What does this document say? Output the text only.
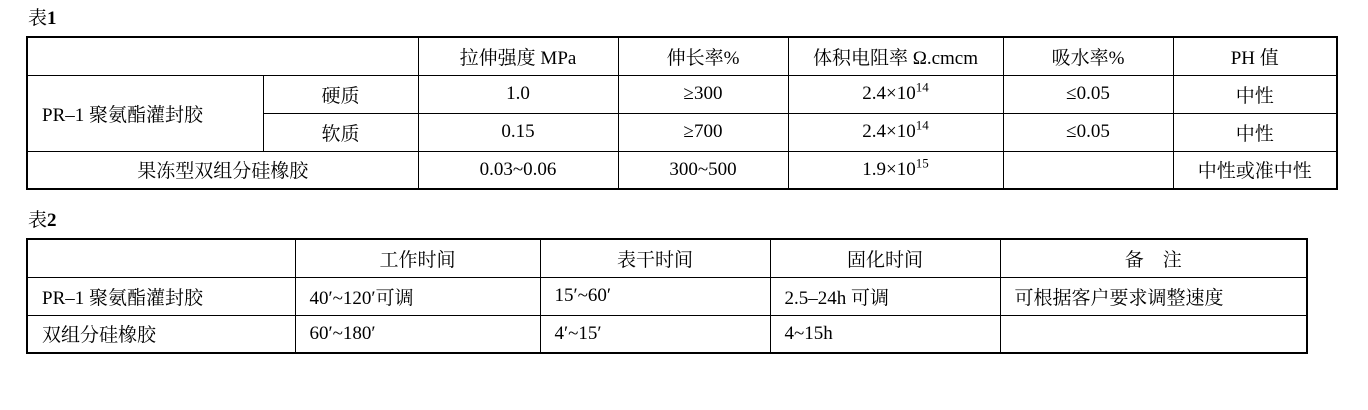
表1
		拉伸强度 MPa	伸长率%	体积电阻率 Ω.cmcm	吸水率%	PH 值
PR–1 聚氨酯灌封胶	硬质	1.0	≥300	$2.4\times 10^{14}$	≤0.05	中性
	软质	0.15	≥700	$2.4\times 10^{14}$	≤0.05	中性
果冻型双组分硅橡胶		0.03~0.06	300~500	$1.9\times 10^{15}$		中性或准中性
表2
	工作时间	表干时间	固化时间	备　注
PR–1 聚氨酯灌封胶	40′~120′可调	15′~60′	2.5–24h 可调	可根据客户要求调整速度
双组分硅橡胶	60′~180′	4′~15′	4~15h	
